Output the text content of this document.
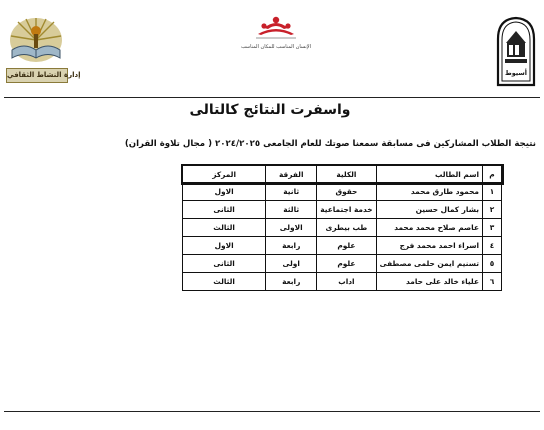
إدارة النشاط الثقافي
الإنسان المناسب للمكان المناسب
أسيوط
واسفرت النتائج كالتالى
نتيجة الطلاب المشاركين فى مسابقة سمعنا صوتك للعام الجامعى ٢٠٢٤/٢٠٢٥ ( مجال تلاوة القران)
م	اسم الطالب	الكلية	الفرقة	المركز
١	محمود طارق محمد	حقوق	ثانية	الاول
٢	بشار كمال حسين	خدمة اجتماعية	ثالثة	الثانى
٣	عاصم صلاح محمد محمد	طب بيطرى	الاولى	الثالث
٤	اسراء احمد محمد فرج	علوم	رابعة	الاول
٥	تسنيم ايمن حلمى مصطفى	علوم	اولى	الثانى
٦	علياء خالد على حامد	اداب	رابعة	الثالث
